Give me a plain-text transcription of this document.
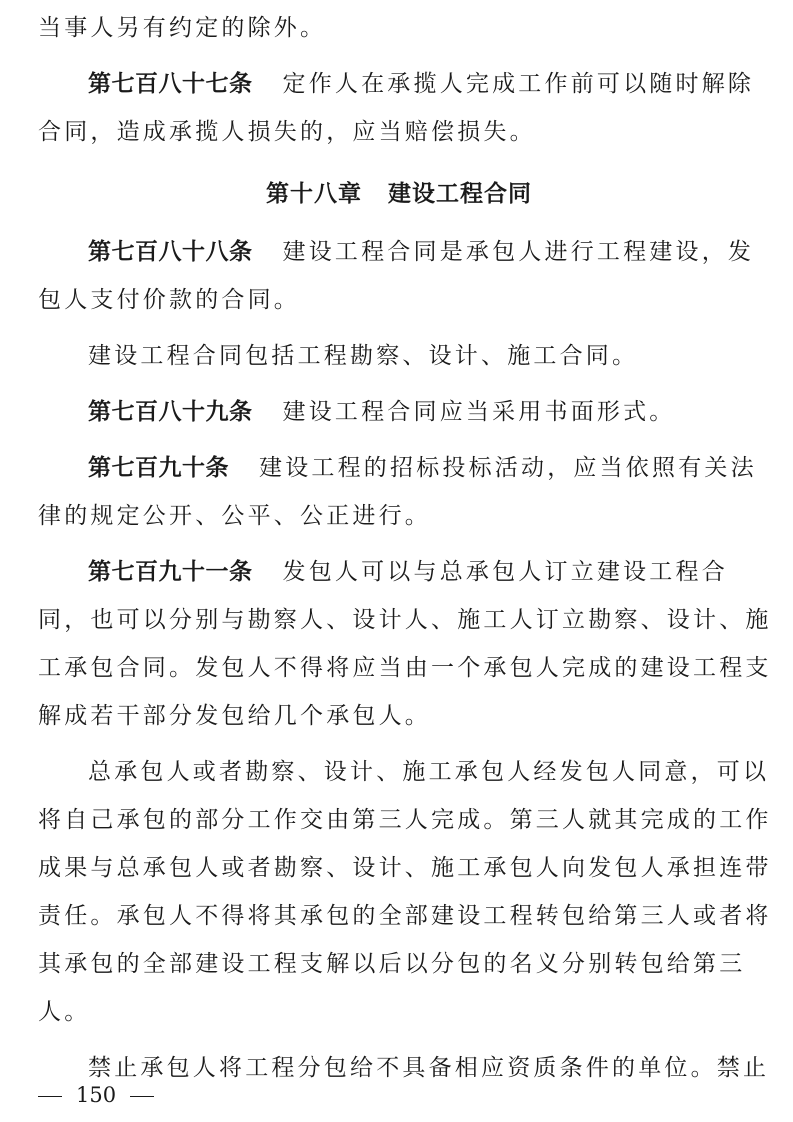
当事人另有约定的除外。
第七百八十七条 定作人在承揽人完成工作前可以随时解除
合同，造成承揽人损失的，应当赔偿损失。
第十八章 建设工程合同
第七百八十八条 建设工程合同是承包人进行工程建设，发
包人支付价款的合同。
建设工程合同包括工程勘察、设计、施工合同。
第七百八十九条 建设工程合同应当采用书面形式。
第七百九十条 建设工程的招标投标活动，应当依照有关法
律的规定公开、公平、公正进行。
第七百九十一条 发包人可以与总承包人订立建设工程合
同，也可以分别与勘察人、设计人、施工人订立勘察、设计、施
工承包合同。发包人不得将应当由一个承包人完成的建设工程支
解成若干部分发包给几个承包人。
总承包人或者勘察、设计、施工承包人经发包人同意，可以
将自己承包的部分工作交由第三人完成。第三人就其完成的工作
成果与总承包人或者勘察、设计、施工承包人向发包人承担连带
责任。承包人不得将其承包的全部建设工程转包给第三人或者将
其承包的全部建设工程支解以后以分包的名义分别转包给第三
人。
禁止承包人将工程分包给不具备相应资质条件的单位。禁止
150
